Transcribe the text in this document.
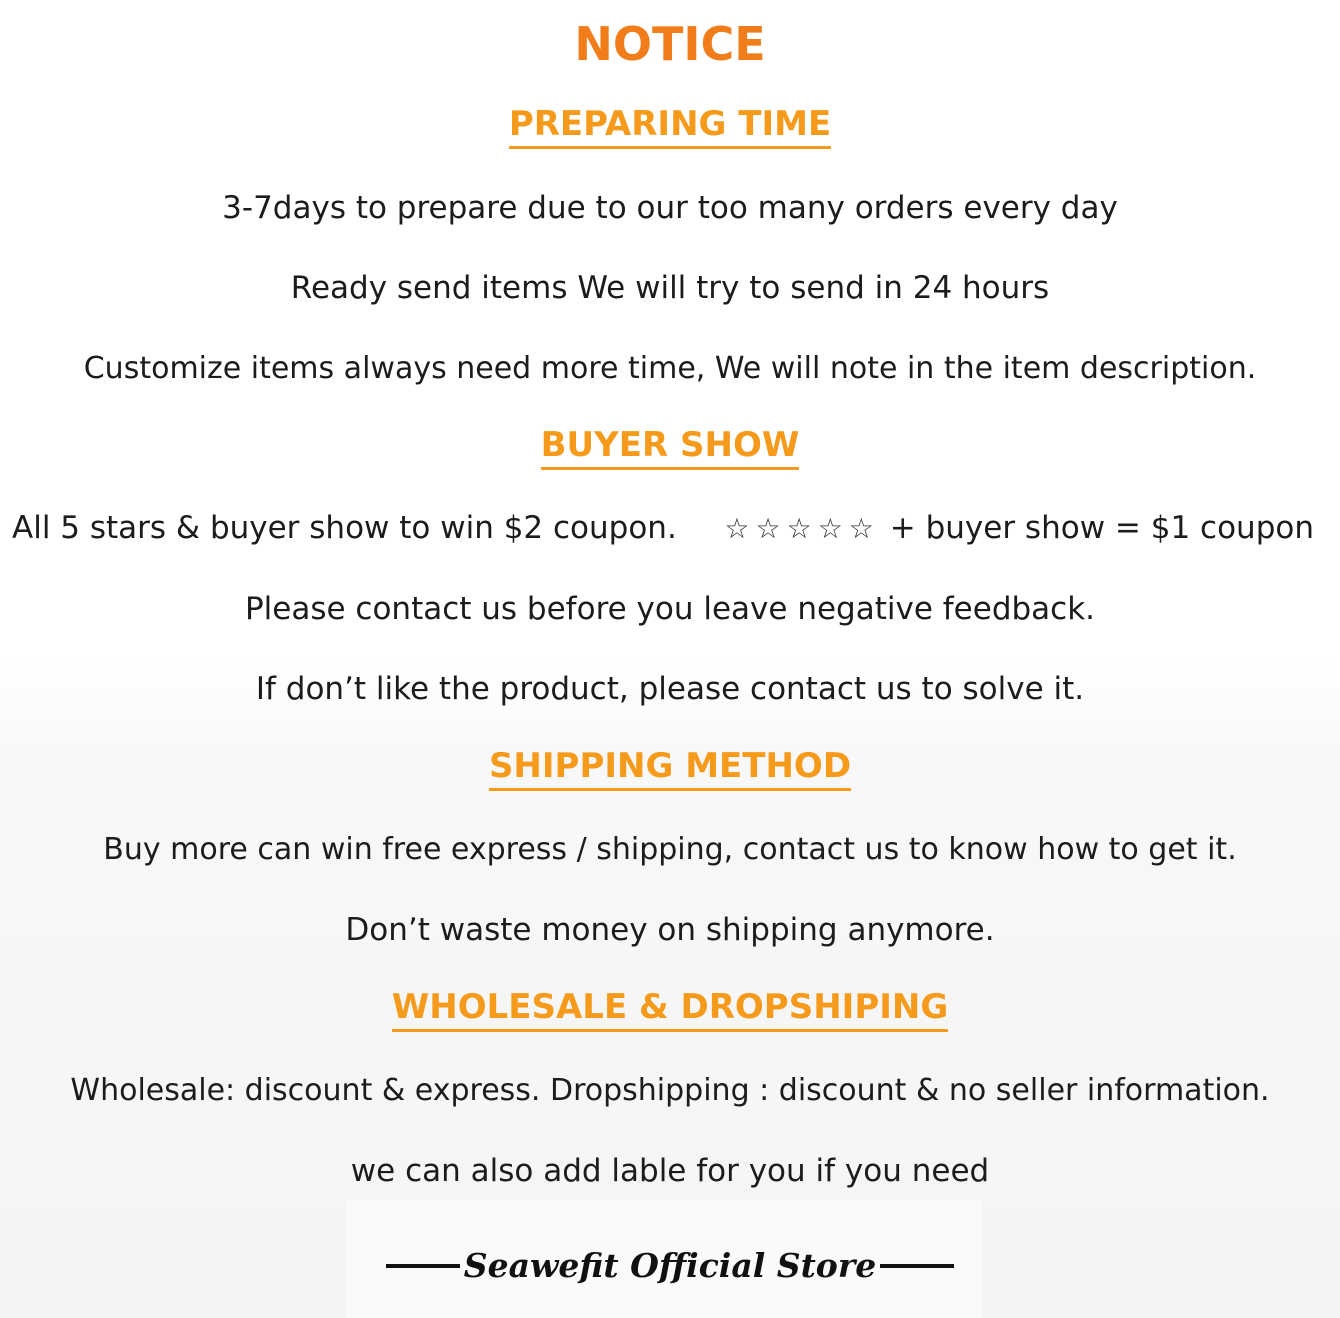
NOTICE
PREPARING TIME

3-7days to prepare due to our too many orders every day

Ready send items We will try to send in 24 hours

Customize items always need more time, We will note in the item description.

BUYER SHOW
All 5 stars & buyer show to win $2 coupon. ☆☆☆☆☆ + buyer show = $1 coupon

Please contact us before you leave negative feedback.

If don’t like the product, please contact us to solve it.

SHIPPING METHOD

Buy more can win free express / shipping, contact us to know how to get it.

Don’t waste money on shipping anymore.

WHOLESALE & DROPSHIPING

Wholesale: discount & express. Dropshipping : discount & no seller information.

we can also add lable for you if you need

Seawefit Official Store
